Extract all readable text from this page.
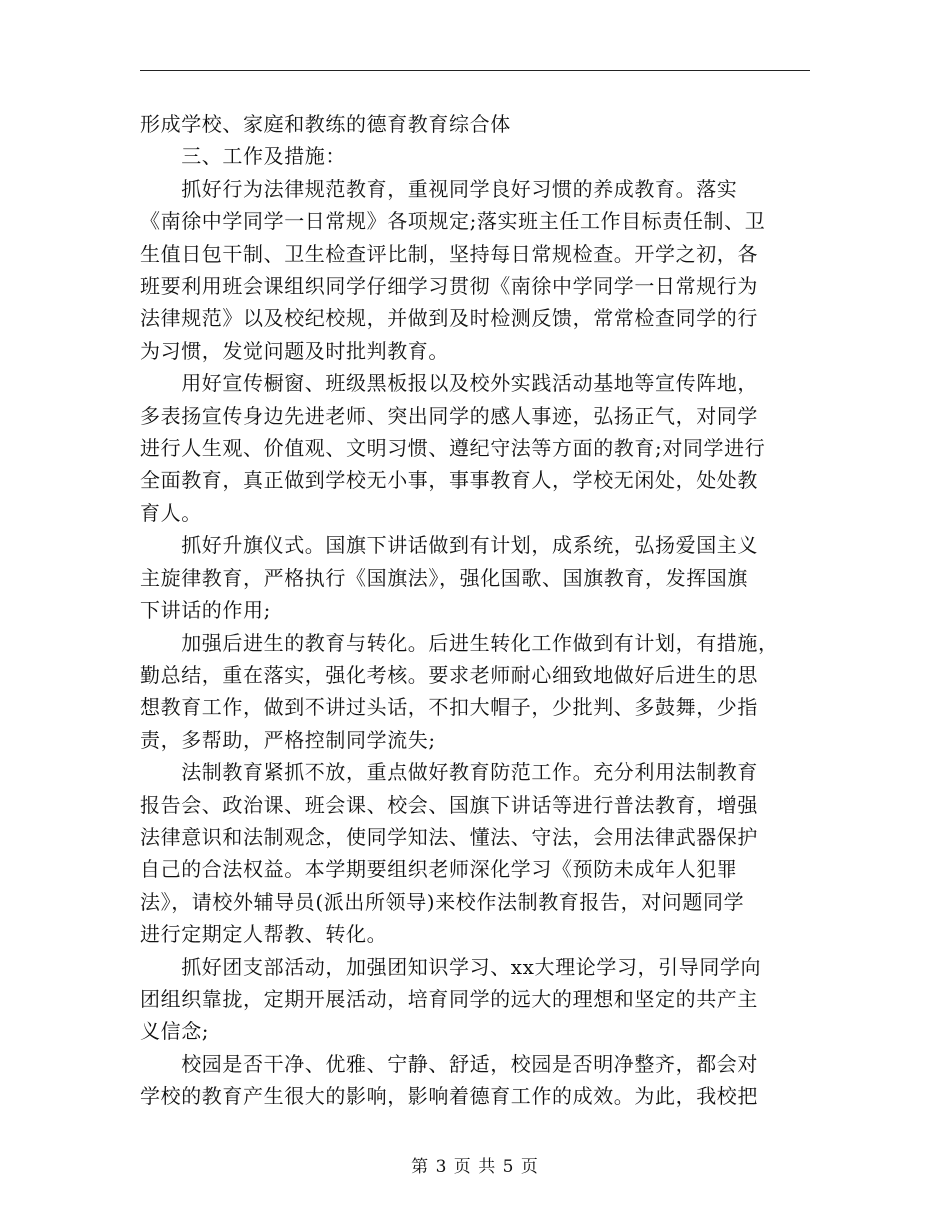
形成学校、家庭和教练的德育教育综合体

　　三、工作及措施：

　　抓好行为法律规范教育，重视同学良好习惯的养成教育。落实

《南徐中学同学一日常规》各项规定;落实班主任工作目标责任制、卫

生值日包干制、卫生检查评比制，坚持每日常规检查。开学之初，各

班要利用班会课组织同学仔细学习贯彻《南徐中学同学一日常规行为

法律规范》以及校纪校规，并做到及时检测反馈，常常检查同学的行

为习惯，发觉问题及时批判教育。

　　用好宣传橱窗、班级黑板报以及校外实践活动基地等宣传阵地，

多表扬宣传身边先进老师、突出同学的感人事迹，弘扬正气，对同学

进行人生观、价值观、文明习惯、遵纪守法等方面的教育;对同学进行

全面教育，真正做到学校无小事，事事教育人，学校无闲处，处处教

育人。

　　抓好升旗仪式。国旗下讲话做到有计划，成系统，弘扬爱国主义

主旋律教育，严格执行《国旗法》，强化国歌、国旗教育，发挥国旗

下讲话的作用;

　　加强后进生的教育与转化。后进生转化工作做到有计划，有措施，

勤总结，重在落实，强化考核。要求老师耐心细致地做好后进生的思

想教育工作，做到不讲过头话，不扣大帽子，少批判、多鼓舞，少指

责，多帮助，严格控制同学流失;

　　法制教育紧抓不放，重点做好教育防范工作。充分利用法制教育

报告会、政治课、班会课、校会、国旗下讲话等进行普法教育，增强

法律意识和法制观念，使同学知法、懂法、守法，会用法律武器保护

自己的合法权益。本学期要组织老师深化学习《预防未成年人犯罪

法》，请校外辅导员(派出所领导)来校作法制教育报告，对问题同学

进行定期定人帮教、转化。

　　抓好团支部活动，加强团知识学习、xx大理论学习，引导同学向

团组织靠拢，定期开展活动，培育同学的远大的理想和坚定的共产主

义信念;

　　校园是否干净、优雅、宁静、舒适，校园是否明净整齐，都会对

学校的教育产生很大的影响，影响着德育工作的成效。为此，我校把

第 3 页 共 5 页
